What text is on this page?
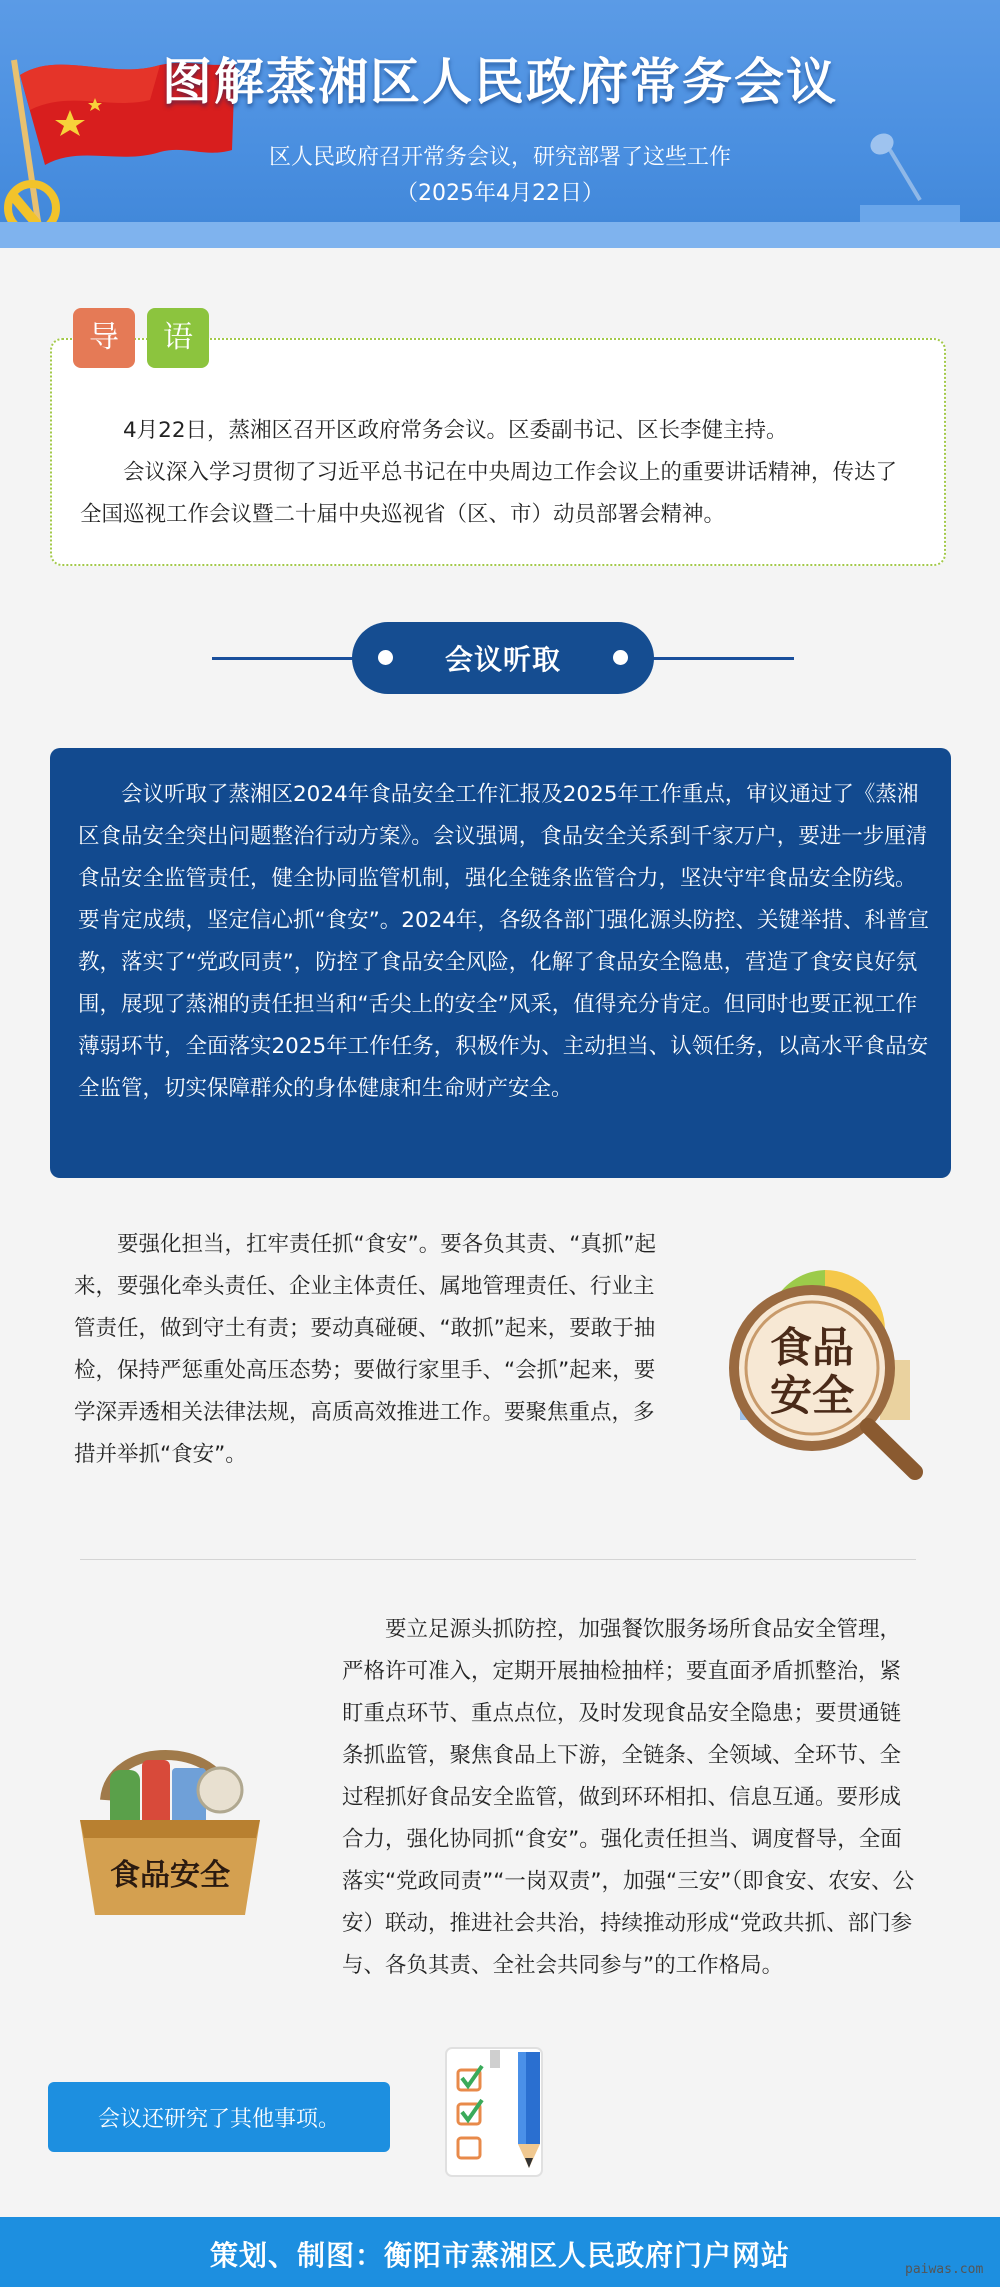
图解蒸湘区人民政府常务会议
区人民政府召开常务会议，研究部署了这些工作
（2025年4月22日）

4月22日，蒸湘区召开区政府常务会议。区委副书记、区长李健主持。

会议深入学习贯彻了习近平总书记在中央周边工作会议上的重要讲话精神，传达了全国巡视工作会议暨二十届中央巡视省（区、市）动员部署会精神。

导	语
会议听取

会议听取了蒸湘区2024年食品安全工作汇报及2025年工作重点，审议通过了《蒸湘区食品安全突出问题整治行动方案》。会议强调，食品安全关系到千家万户，要进一步厘清食品安全监管责任，健全协同监管机制，强化全链条监管合力，坚决守牢食品安全防线。要肯定成绩，坚定信心抓“食安”。2024年，各级各部门强化源头防控、关键举措、科普宣教，落实了“党政同责”，防控了食品安全风险，化解了食品安全隐患，营造了食安良好氛围，展现了蒸湘的责任担当和“舌尖上的安全”风采，值得充分肯定。但同时也要正视工作薄弱环节，全面落实2025年工作任务，积极作为、主动担当、认领任务，以高水平食品安全监管，切实保障群众的身体健康和生命财产安全。

要强化担当，扛牢责任抓“食安”。要各负其责、“真抓”起来，要强化牵头责任、企业主体责任、属地管理责任、行业主管责任，做到守土有责；要动真碰硬、“敢抓”起来，要敢于抽检，保持严惩重处高压态势；要做行家里手、“会抓”起来，要学深弄透相关法律法规，高质高效推进工作。要聚焦重点，多措并举抓“食安”。

食品
安全
食品安全

要立足源头抓防控，加强餐饮服务场所食品安全管理，严格许可准入，定期开展抽检抽样；要直面矛盾抓整治，紧盯重点环节、重点点位，及时发现食品安全隐患；要贯通链条抓监管，聚焦食品上下游，全链条、全领域、全环节、全过程抓好食品安全监管，做到环环相扣、信息互通。要形成合力，强化协同抓“食安”。强化责任担当、调度督导，全面落实“党政同责”“一岗双责”，加强“三安”（即食安、农安、公安）联动，推进社会共治，持续推动形成“党政共抓、部门参与、各负其责、全社会共同参与”的工作格局。

会议还研究了其他事项。
策划、制图：衡阳市蒸湘区人民政府门户网站	paiwas.com
